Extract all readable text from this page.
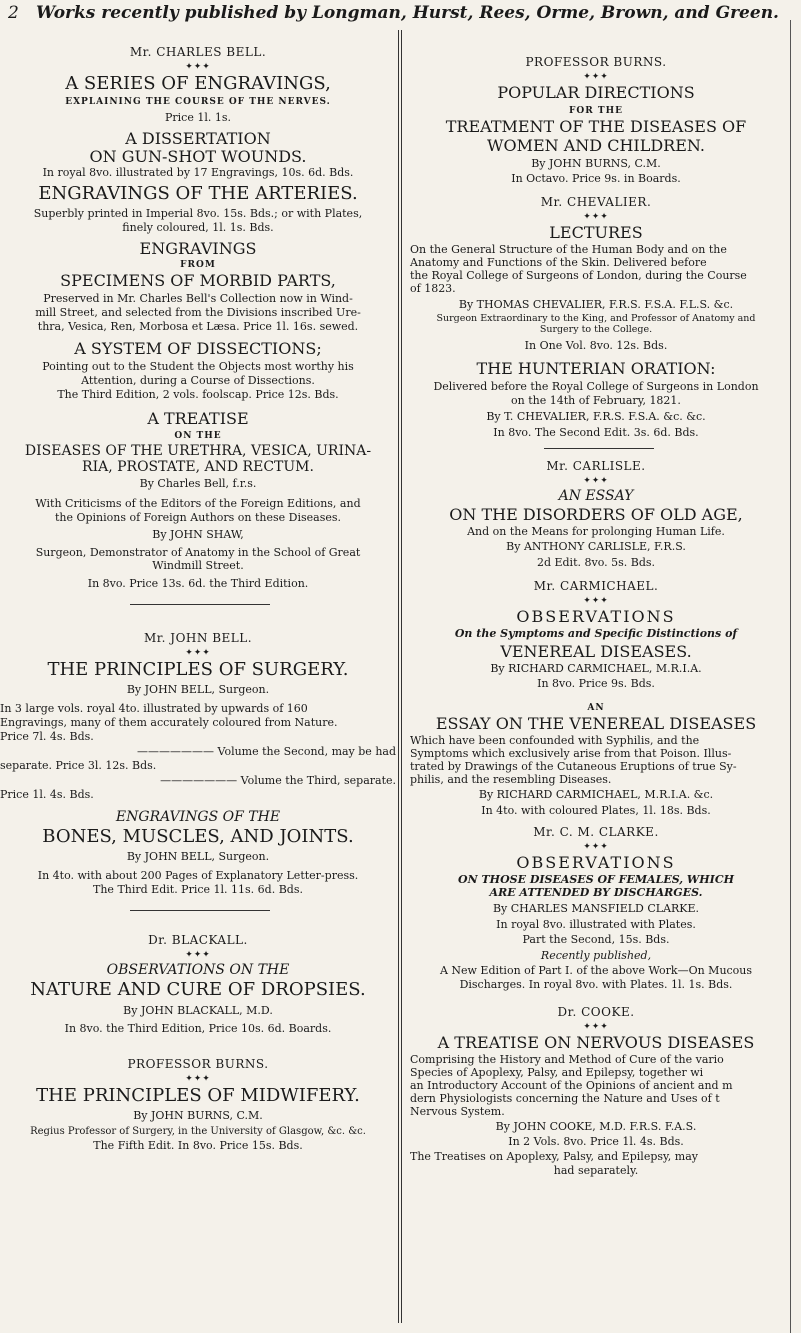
2 Works recently published by Longman, Hurst, Rees, Orme, Brown, and Green.
Mr. CHARLES BELL.
✦✦✦
A SERIES OF ENGRAVINGS,
EXPLAINING THE COURSE OF THE NERVES.
Price 1l. 1s.
A DISSERTATION
ON GUN-SHOT WOUNDS.
In royal 8vo. illustrated by 17 Engravings, 10s. 6d. Bds.
ENGRAVINGS OF THE ARTERIES.
Superbly printed in Imperial 8vo. 15s. Bds.; or with Plates,
finely coloured, 1l. 1s. Bds.
ENGRAVINGS
FROM
SPECIMENS OF MORBID PARTS,
Preserved in Mr. Charles Bell's Collection now in Wind-
mill Street, and selected from the Divisions inscribed Ure-
thra, Vesica, Ren, Morbosa et Læsa. Price 1l. 16s. sewed.
A SYSTEM OF DISSECTIONS;
Pointing out to the Student the Objects most worthy his
Attention, during a Course of Dissections.
The Third Edition, 2 vols. foolscap. Price 12s. Bds.
A TREATISE
ON THE
DISEASES OF THE URETHRA, VESICA, URINA-
RIA, PROSTATE, AND RECTUM.
By Charles Bell, f.r.s.
With Criticisms of the Editors of the Foreign Editions, and
the Opinions of Foreign Authors on these Diseases.
By JOHN SHAW,
Surgeon, Demonstrator of Anatomy in the School of Great
Windmill Street.
In 8vo. Price 13s. 6d. the Third Edition.
Mr. JOHN BELL.
✦✦✦
THE PRINCIPLES OF SURGERY.
By JOHN BELL, Surgeon.
In 3 large vols. royal 4to. illustrated by upwards of 160
Engravings, many of them accurately coloured from Nature.
Price 7l. 4s. Bds.
——————— Volume the Second, may be had
separate. Price 3l. 12s. Bds.
——————— Volume the Third, separate.
Price 1l. 4s. Bds.
ENGRAVINGS OF THE
BONES, MUSCLES, AND JOINTS.
By JOHN BELL, Surgeon.
In 4to. with about 200 Pages of Explanatory Letter-press.
The Third Edit. Price 1l. 11s. 6d. Bds.
Dr. BLACKALL.
✦✦✦
OBSERVATIONS ON THE
NATURE AND CURE OF DROPSIES.
By JOHN BLACKALL, M.D.
In 8vo. the Third Edition, Price 10s. 6d. Boards.
PROFESSOR BURNS.
✦✦✦
THE PRINCIPLES OF MIDWIFERY.
By JOHN BURNS, C.M.
Regius Professor of Surgery, in the University of Glasgow, &c. &c.
The Fifth Edit. In 8vo. Price 15s. Bds.
PROFESSOR BURNS.
✦✦✦
POPULAR DIRECTIONS
FOR THE
TREATMENT OF THE DISEASES OF
WOMEN AND CHILDREN.
By JOHN BURNS, C.M.
In Octavo. Price 9s. in Boards.
Mr. CHEVALIER.
✦✦✦
LECTURES
On the General Structure of the Human Body and on the
Anatomy and Functions of the Skin. Delivered before
the Royal College of Surgeons of London, during the Course
of 1823.
By THOMAS CHEVALIER, F.R.S. F.S.A. F.L.S. &c.
Surgeon Extraordinary to the King, and Professor of Anatomy and
Surgery to the College.
In One Vol. 8vo. 12s. Bds.
THE HUNTERIAN ORATION:
Delivered before the Royal College of Surgeons in London
on the 14th of February, 1821.
By T. CHEVALIER, F.R.S. F.S.A. &c. &c.
In 8vo. The Second Edit. 3s. 6d. Bds.
Mr. CARLISLE.
✦✦✦
AN ESSAY
ON THE DISORDERS OF OLD AGE,
And on the Means for prolonging Human Life.
By ANTHONY CARLISLE, F.R.S.
2d Edit. 8vo. 5s. Bds.
Mr. CARMICHAEL.
✦✦✦
OBSERVATIONS
On the Symptoms and Specific Distinctions of
VENEREAL DISEASES.
By RICHARD CARMICHAEL, M.R.I.A.
In 8vo. Price 9s. Bds.
AN
ESSAY ON THE VENEREAL DISEASES
Which have been confounded with Syphilis, and the
Symptoms which exclusively arise from that Poison. Illus-
trated by Drawings of the Cutaneous Eruptions of true Sy-
philis, and the resembling Diseases.
By RICHARD CARMICHAEL, M.R.I.A. &c.
In 4to. with coloured Plates, 1l. 18s. Bds.
Mr. C. M. CLARKE.
✦✦✦
OBSERVATIONS
ON THOSE DISEASES OF FEMALES, WHICH
ARE ATTENDED BY DISCHARGES.
By CHARLES MANSFIELD CLARKE.
In royal 8vo. illustrated with Plates.
Part the Second, 15s. Bds.
Recently published,
A New Edition of Part I. of the above Work—On Mucous
Discharges. In royal 8vo. with Plates. 1l. 1s. Bds.
Dr. COOKE.
✦✦✦
A TREATISE ON NERVOUS DISEASES
Comprising the History and Method of Cure of the vario
Species of Apoplexy, Palsy, and Epilepsy, together wi
an Introductory Account of the Opinions of ancient and m
dern Physiologists concerning the Nature and Uses of t
Nervous System.
By JOHN COOKE, M.D. F.R.S. F.A.S.
In 2 Vols. 8vo. Price 1l. 4s. Bds.
The Treatises on Apoplexy, Palsy, and Epilepsy, may
had separately.
